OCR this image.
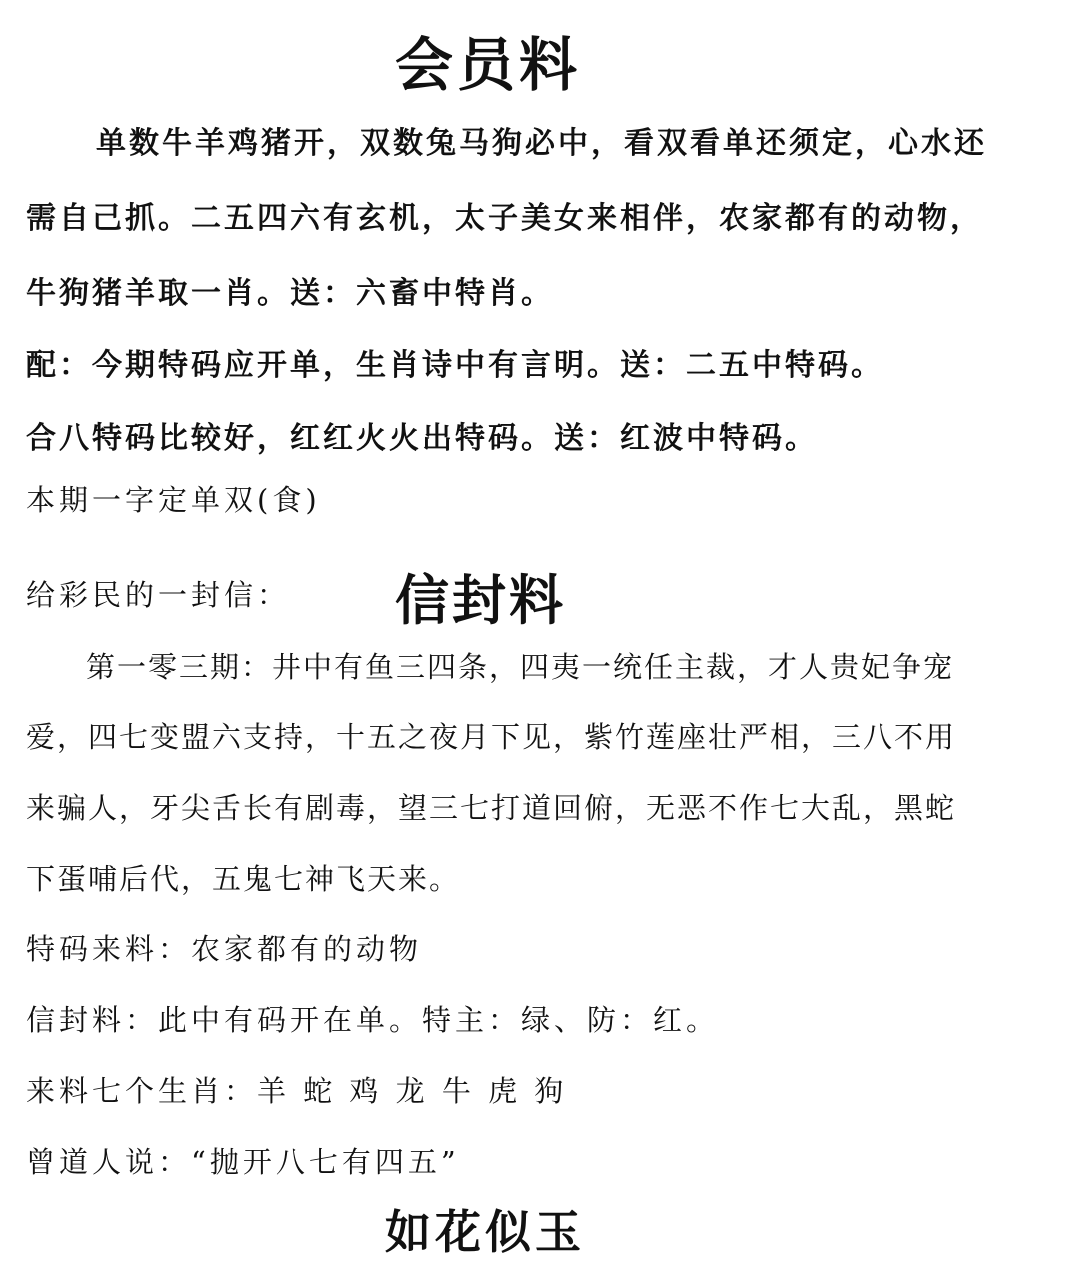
会员料
单数牛羊鸡猪开，双数兔马狗必中，看双看单还须定，心水还
需自己抓。二五四六有玄机，太子美女来相伴，农家都有的动物，
牛狗猪羊取一肖。送：六畜中特肖。
配：今期特码应开单，生肖诗中有言明。送：二五中特码。
合八特码比较好，红红火火出特码。送：红波中特码。
本期一字定单双(食)
给彩民的一封信： 信封料
第一零三期：井中有鱼三四条，四夷一统任主裁，才人贵妃争宠
爱，四七变盟六支持，十五之夜月下见，紫竹莲座壮严相，三八不用
来骗人，牙尖舌长有剧毒，望三七打道回俯，无恶不作七大乱，黑蛇
下蛋哺后代，五鬼七神飞天来。
特码来料：农家都有的动物
信封料：此中有码开在单。特主：绿、防：红。
来料七个生肖：羊 蛇 鸡 龙 牛 虎 狗
曾道人说：“抛开八七有四五”
如花似玉
